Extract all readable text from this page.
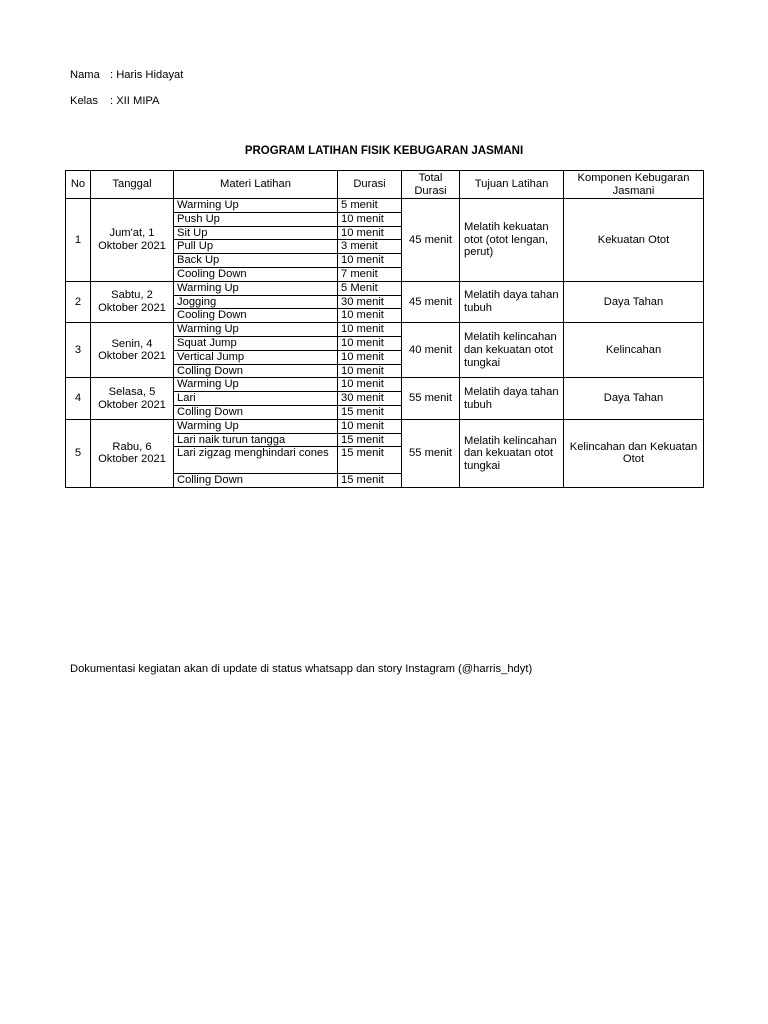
Nama : Haris Hidayat
Kelas	: XII MIPA
PROGRAM LATIHAN FISIK KEBUGARAN JASMANI
No	Tanggal	Materi Latihan	Durasi	Total Durasi	Tujuan Latihan	Komponen Kebugaran Jasmani
1	Jum'at, 1 Oktober 2021	Warming Up	5 menit	45 menit	Melatih kekuatan otot (otot lengan, perut)	Kekuatan Otot
		Push Up	10 menit			
		Sit Up	10 menit			
		Pull Up	3 menit			
		Back Up	10 menit			
		Cooling Down	7 menit			
2	Sabtu, 2 Oktober 2021	Warming Up	5 Menit	45 menit	Melatih daya tahan tubuh	Daya Tahan
		Jogging	30 menit			
		Cooling Down	10 menit			
3	Senin, 4 Oktober 2021	Warming Up	10 menit	40 menit	Melatih kelincahan dan kekuatan otot tungkai	Kelincahan
		Squat Jump	10 menit			
		Vertical Jump	10 menit			
		Colling Down	10 menit			
4	Selasa, 5 Oktober 2021	Warming Up	10 menit	55 menit	Melatih daya tahan tubuh	Daya Tahan
		Lari	30 menit			
		Colling Down	15 menit			
5	Rabu, 6 Oktober 2021	Warming Up	10 menit	55 menit	Melatih kelincahan dan kekuatan otot tungkai	Kelincahan dan Kekuatan Otot
		Lari naik turun tangga	15 menit			
		Lari zigzag menghindari cones	15 menit			
		Colling Down	15 menit			
Dokumentasi kegiatan akan di update di status whatsapp dan story Instagram (@harris_hdyt)
